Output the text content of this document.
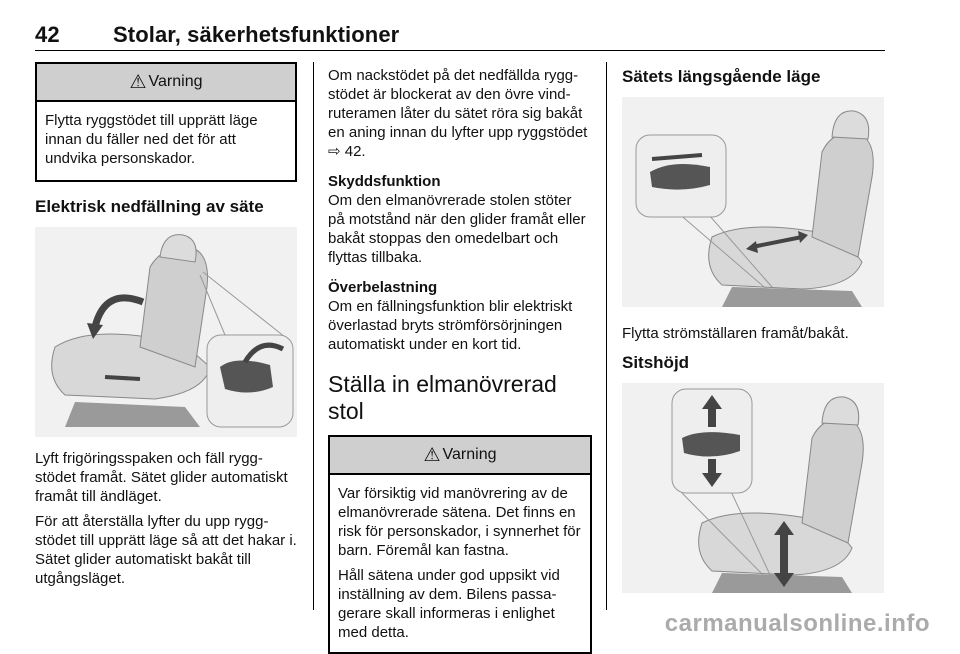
42 Stolar, säkerhetsfunktioner
⚠ Varning

Flytta ryggstödet till upprätt läge innan du fäller ned det för att undvika personskador.

Elektrisk nedfällning av säte

Lyft frigöringsspaken och fäll ryggstödet framåt. Sätet glider automatiskt framåt till ändläget.

För att återställa lyfter du upp ryggstödet till upprätt läge så att det hakar i. Sätet glider automatiskt bakåt till utgångsläget.

Om nackstödet på det nedfällda ryggstödet är blockerat av den övre vindruteramen låter du sätet röra sig bakåt en aning innan du lyfter upp ryggstödet ⇨ 42.

Skyddsfunktion

Om den elmanövrerade stolen stöter på motstånd när den glider framåt eller bakåt stoppas den omedelbart och flyttas tillbaka.

Överbelastning

Om en fällningsfunktion blir elektriskt överlastad bryts strömförsörjningen automatiskt under en kort tid.

Ställa in elmanövrerad stol

⚠ Varning

Var försiktig vid manövrering av de elmanövrerade sätena. Det finns en risk för personskador, i synnerhet för barn. Föremål kan fastna.

Håll sätena under god uppsikt vid inställning av dem. Bilens passagerare skall informeras i enlighet med detta.

Sätets längsgående läge

Flytta strömställaren framåt/bakåt.

Sitshöjd

carmanualsonline.info
